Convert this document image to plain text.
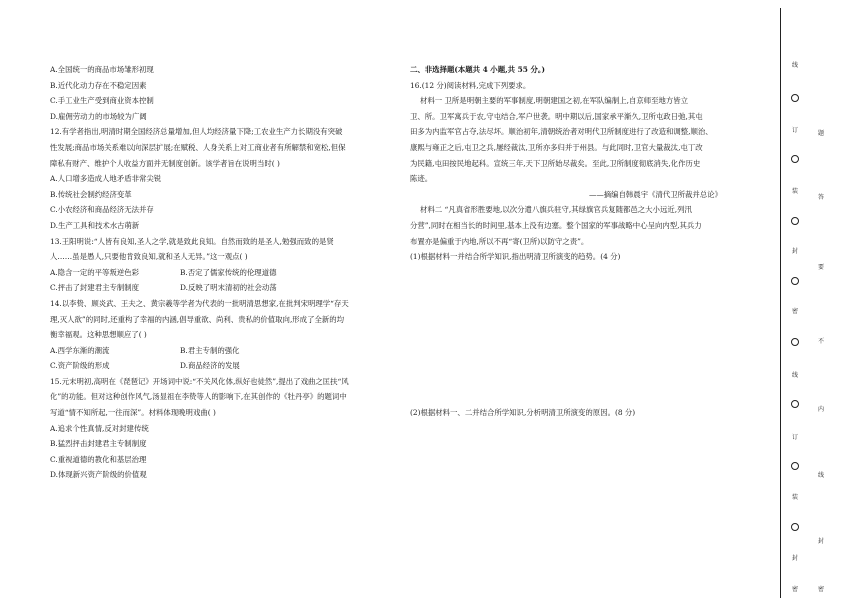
A.全国统一的商品市场雏形初现
B.近代化动力存在不稳定因素
C.手工业生产受到商业资本控制
D.雇佣劳动力的市场较为广阔
12.有学者指出,明清时期全国经济总量增加,但人均经济量下降;工农业生产力长期没有突破
性发展;商品市场关系难以向深层扩展;在赋税、人身关系上对工商业者有所解禁和宽松,但保
障私有财产、维护个人收益方面并无制度创新。该学者旨在说明当时( )
A.人口增多造成人地矛盾非常尖锐
B.传统社会制约经济变革
C.小农经济和商品经济无法并存
D.生产工具和技术水古萌新
13.王阳明说:“人皆有良知,圣人之学,就是致此良知。自然而致的是圣人,勉强而致的是贤
人……虽是愚人,只要他肯致良知,就和圣人无异。”这一观点( )
A.隐含一定的平等叛逆色彩	B.否定了儒家传统的伦理道德
C.抨击了封建君主专制制度	D.反映了明末清初的社会动荡
14.以李贽、顾炎武、王夫之、黄宗羲等学者为代表的一批明清思想家,在批判宋明理学“存天
理,灭人欲”的同时,还重构了幸福的内涵,倡导重欲、尚利、贵私的价值取向,形成了全新的均
衡幸福观。这种思想顺应了( )
A.西学东渐的潮流	B.君主专制的强化
C.资产阶级的形成	D.商品经济的发展
15.元末明初,高明在《琵琶记》开场词中说:“不关风化体,纵好也徒然”,提出了戏曲之匡扶“风
化”的功能。但对这种创作风气,汤显祖在李贽等人的影响下,在其创作的《牡丹亭》的题词中
写道“情不知所起,一往而深”。材料体现晚明戏曲( )
A.追求个性真情,反对封建传统
B.猛烈抨击封建君主专制制度
C.重视道德的教化和基层治理
D.体现新兴资产阶级的价值观
二、非选择题(本题共 4 小题,共 55 分。)
16.(12 分)阅读材料,完成下列要求。
材料一 卫所是明朝主要的军事制度,明朝建国之初,在军队编制上,自京师至地方皆立
卫、所。卫军寓兵于农,守屯结合,军户世袭。明中期以后,国家承平渐久,卫所屯政日弛,其屯
田多为内监军官占夺,法尽坏。顺治初年,清朝统治者对明代卫所制度进行了改造和调整,顺治、
康熙与雍正之后,屯卫之兵,屡经裁汰,卫所亦多归并于州县。与此同时,卫官大量裁汰,屯丁改
为民籍,屯田按民地起科。宣统三年,天下卫所始尽裁矣。至此,卫所制度彻底消失,化作历史
陈迹。
——摘编自韩晨宇《清代卫所裁并总论》
材料二 “凡真省形胜要地,以次分遣八旗兵驻守,其绿旗官兵复随都邑之大小远近,列汛
分营”,同时在相当长的时间里,基本上没有边塞。整个国家的军事战略中心呈向内型,其兵力
布置亦是偏重于内地,所以不再“寄(卫所)以防守之责”。
(1)根据材料一并结合所学知识,指出明清卫所演变的趋势。(4 分)
(2)根据材料一、二并结合所学知识,分析明清卫所演变的原因。(8 分)
线
订
装
封
密
线
订
装
封
密
题
答
要
不
内
线
封
密
